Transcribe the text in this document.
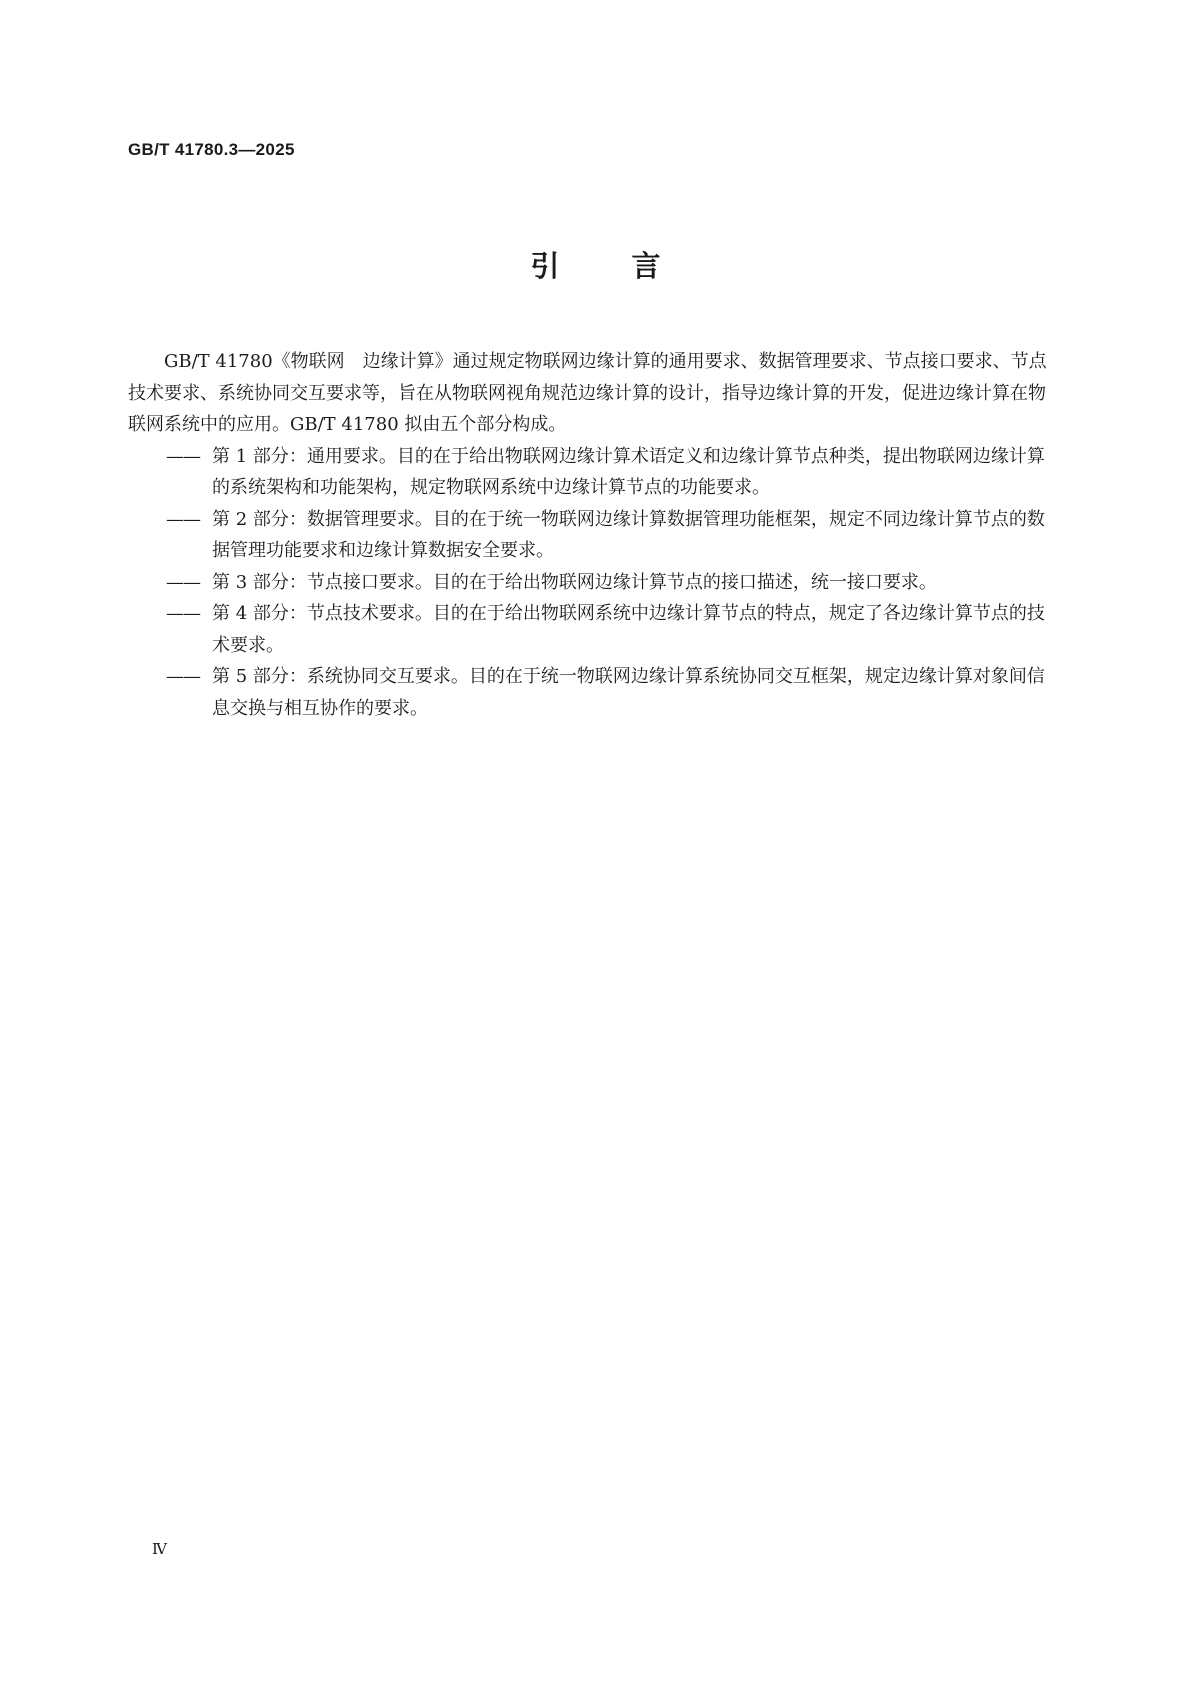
GB/T 41780.3—2025
引言

GB/T 41780《物联网　边缘计算》通过规定物联网边缘计算的通用要求、数据管理要求、节点接口要求、节点技术要求、系统协同交互要求等，旨在从物联网视角规范边缘计算的设计，指导边缘计算的开发，促进边缘计算在物联网系统中的应用。GB/T 41780 拟由五个部分构成。

—— 第 1 部分：通用要求。目的在于给出物联网边缘计算术语定义和边缘计算节点种类，提出物联网边缘计算的系统架构和功能架构，规定物联网系统中边缘计算节点的功能要求。
—— 第 2 部分：数据管理要求。目的在于统一物联网边缘计算数据管理功能框架，规定不同边缘计算节点的数据管理功能要求和边缘计算数据安全要求。
—— 第 3 部分：节点接口要求。目的在于给出物联网边缘计算节点的接口描述，统一接口要求。
—— 第 4 部分：节点技术要求。目的在于给出物联网系统中边缘计算节点的特点，规定了各边缘计算节点的技术要求。
—— 第 5 部分：系统协同交互要求。目的在于统一物联网边缘计算系统协同交互框架，规定边缘计算对象间信息交换与相互协作的要求。
Ⅳ
